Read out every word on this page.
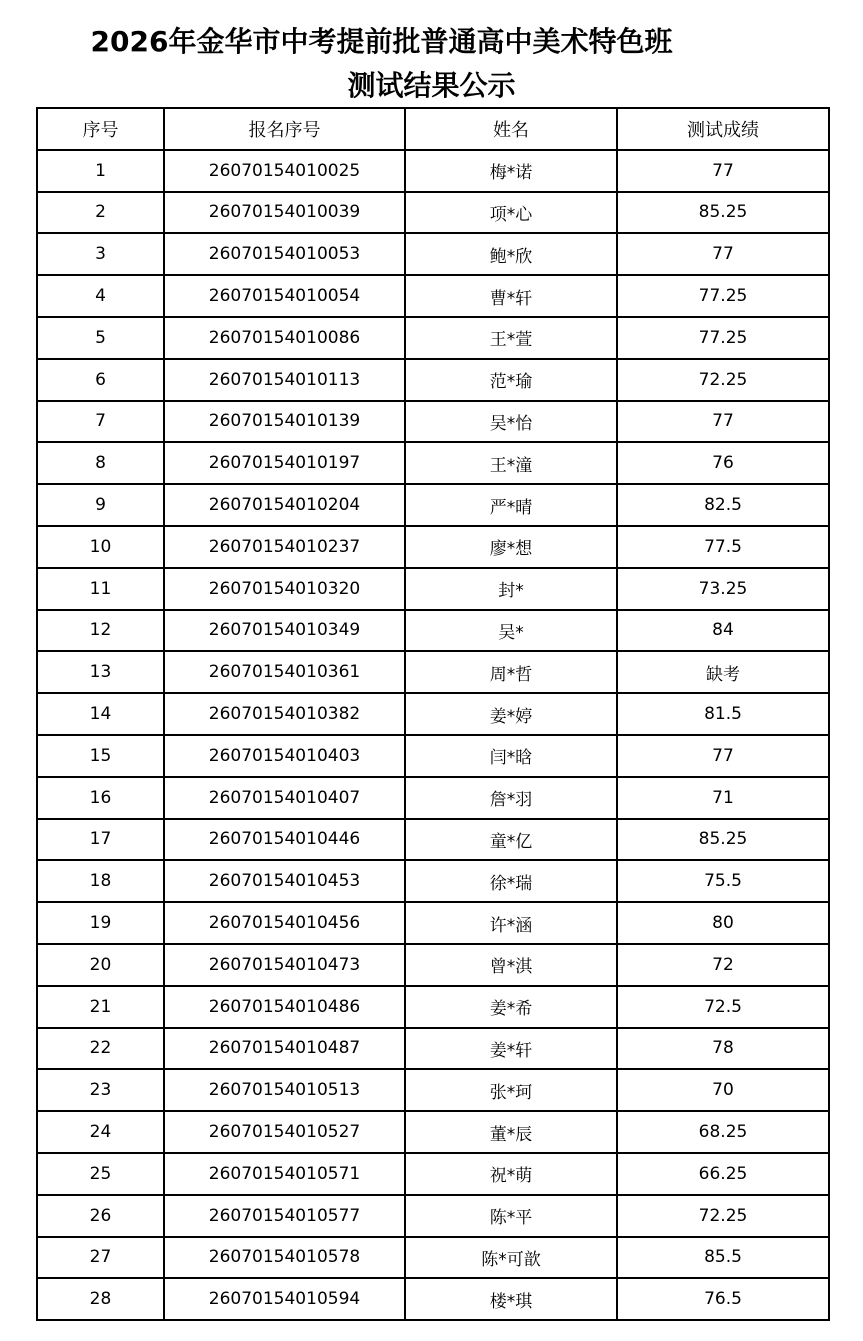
2026年金华市中考提前批普通高中美术特色班
测试结果公示
序号	报名序号	姓名	测试成绩
1	26070154010025	梅*诺	77
2	26070154010039	项*心	85.25
3	26070154010053	鲍*欣	77
4	26070154010054	曹*轩	77.25
5	26070154010086	王*萱	77.25
6	26070154010113	范*瑜	72.25
7	26070154010139	吴*怡	77
8	26070154010197	王*潼	76
9	26070154010204	严*晴	82.5
10	26070154010237	廖*想	77.5
11	26070154010320	封*	73.25
12	26070154010349	吴*	84
13	26070154010361	周*哲	缺考
14	26070154010382	姜*婷	81.5
15	26070154010403	闫*晗	77
16	26070154010407	詹*羽	71
17	26070154010446	童*亿	85.25
18	26070154010453	徐*瑞	75.5
19	26070154010456	许*涵	80
20	26070154010473	曾*淇	72
21	26070154010486	姜*希	72.5
22	26070154010487	姜*轩	78
23	26070154010513	张*珂	70
24	26070154010527	董*辰	68.25
25	26070154010571	祝*萌	66.25
26	26070154010577	陈*平	72.25
27	26070154010578	陈*可歆	85.5
28	26070154010594	楼*琪	76.5
